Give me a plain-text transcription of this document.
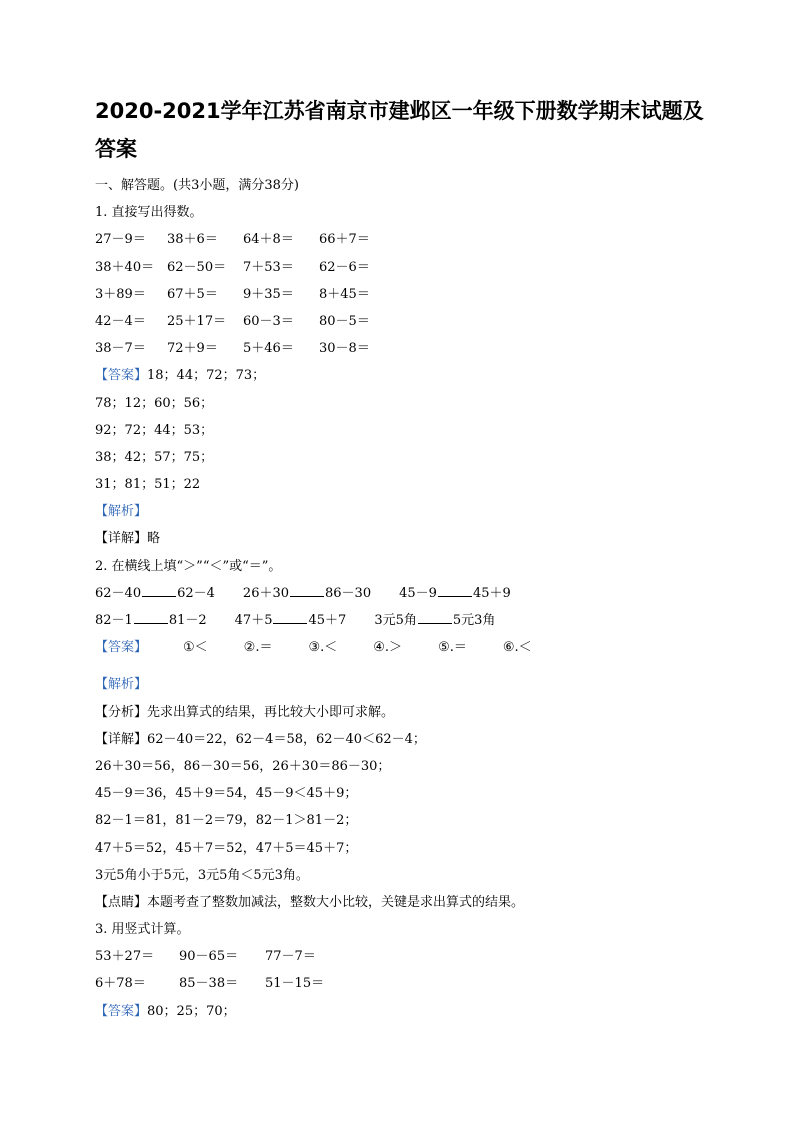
2020-2021学年江苏省南京市建邺区一年级下册数学期末试题及
答案
一、解答题。(共3小题，满分38分)
1. 直接写出得数。
27－9＝ 38＋6＝ 64＋8＝ 66＋7＝
38＋40＝ 62－50＝ 7＋53＝ 62－6＝
3＋89＝ 67＋5＝ 9＋35＝ 8＋45＝
42－4＝ 25＋17＝ 60－3＝ 80－5＝
38－7＝ 72＋9＝ 5＋46＝ 30－8＝
【答案】18；44；72；73；
78；12；60；56；
92；72；44；53；
38；42；57；75；
31；81；51；22
【解析】
【详解】略
2. 在横线上填“＞”“＜”或“＝”。
62－40	62－4 26＋30	86－30 45－9	45＋9
82－1	81－2 47＋5	45＋7 3元5角	5元3角
【答案】	①＜	②.＝	③.＜	④.＞	⑤.＝	⑥.＜
【解析】
【分析】先求出算式的结果，再比较大小即可求解。
【详解】62－40＝22，62－4＝58，62－40＜62－4；
26＋30＝56，86－30＝56，26＋30＝86－30；
45－9＝36，45＋9＝54，45－9＜45＋9；
82－1＝81，81－2＝79，82－1＞81－2；
47＋5＝52，45＋7＝52，47＋5＝45＋7；
3元5角小于5元，3元5角＜5元3角。
【点睛】本题考查了整数加减法，整数大小比较，关键是求出算式的结果。
3. 用竖式计算。
53＋27＝ 90－65＝ 77－7＝
6＋78＝	85－38＝ 51－15＝
【答案】80；25；70；
